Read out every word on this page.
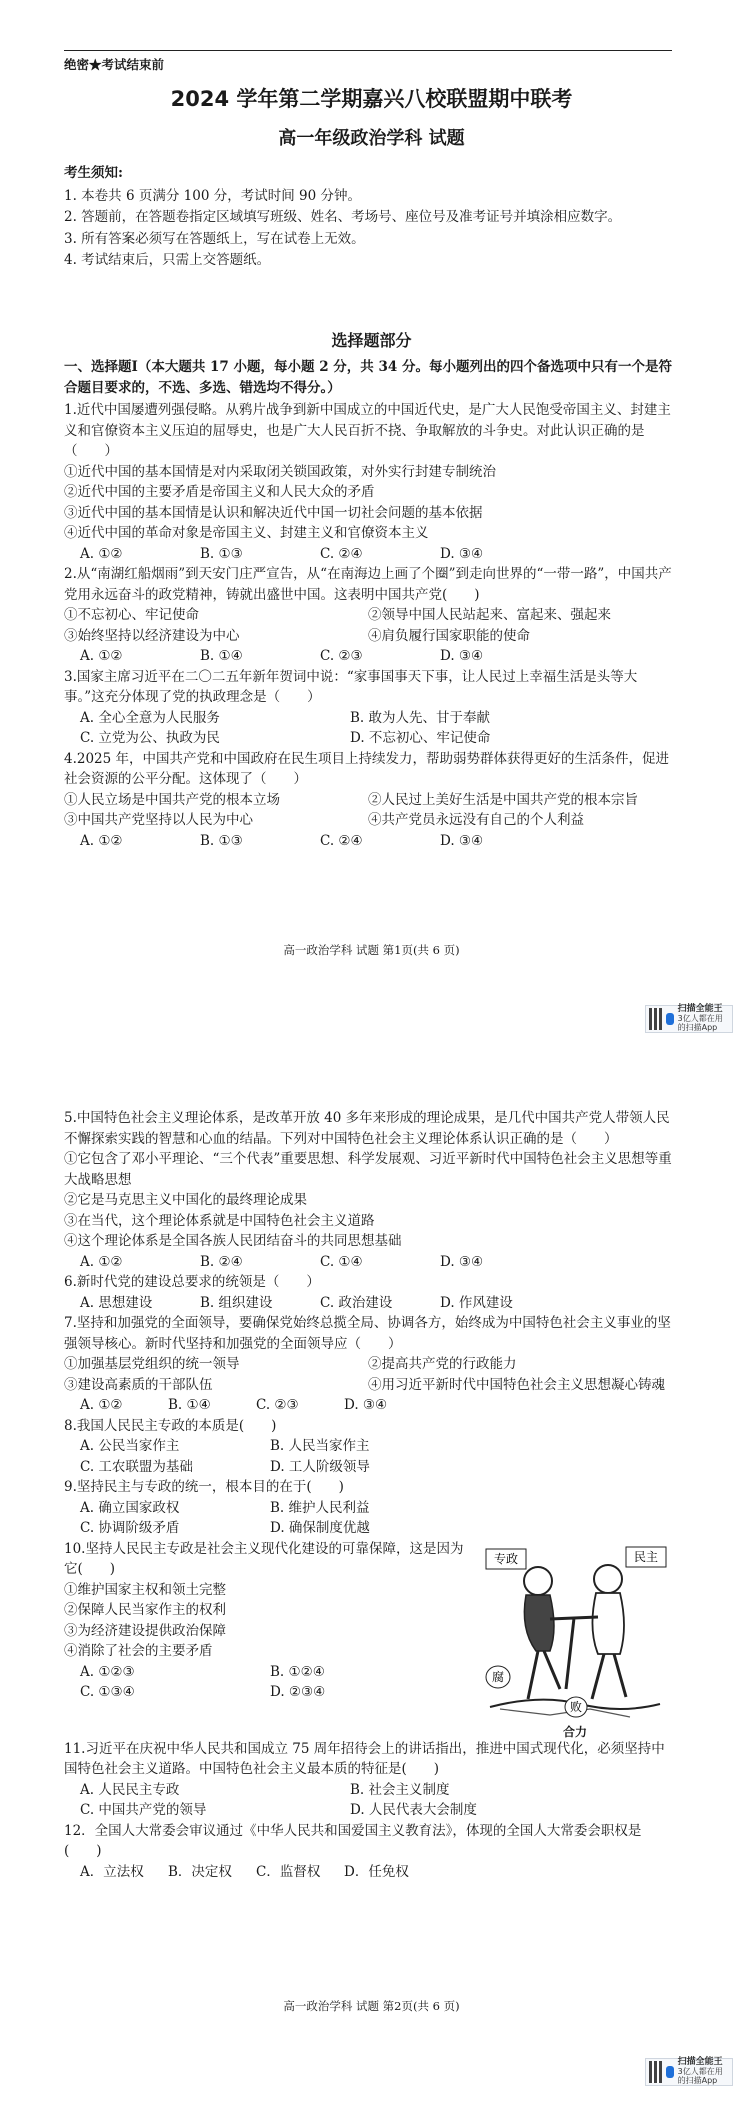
绝密★考试结束前
2024 学年第二学期嘉兴八校联盟期中联考
高一年级政治学科 试题
考生须知:
1. 本卷共 6 页满分 100 分，考试时间 90 分钟。
2. 答题前，在答题卷指定区域填写班级、姓名、考场号、座位号及准考证号并填涂相应数字。
3. 所有答案必须写在答题纸上，写在试卷上无效。
4. 考试结束后，只需上交答题纸。
选择题部分
一、选择题Ⅰ（本大题共 17 小题，每小题 2 分，共 34 分。每小题列出的四个备选项中只有一个是符合题目要求的，不选、多选、错选均不得分。）
1.近代中国屡遭列强侵略。从鸦片战争到新中国成立的中国近代史，是广大人民饱受帝国主义、封建主义和官僚资本主义压迫的屈辱史，也是广大人民百折不挠、争取解放的斗争史。对此认识正确的是（　　）
①近代中国的基本国情是对内采取闭关锁国政策，对外实行封建专制统治
②近代中国的主要矛盾是帝国主义和人民大众的矛盾
③近代中国的基本国情是认识和解决近代中国一切社会问题的基本依据
④近代中国的革命对象是帝国主义、封建主义和官僚资本主义
A. ①②	B. ①③	C. ②④	D. ③④
2.从“南湖红船烟雨”到天安门庄严宣告，从“在南海边上画了个圈”到走向世界的“一带一路”，中国共产党用永远奋斗的政党精神，铸就出盛世中国。这表明中国共产党(　　)
①不忘初心、牢记使命	②领导中国人民站起来、富起来、强起来
③始终坚持以经济建设为中心	④肩负履行国家职能的使命
A. ①②	B. ①④	C. ②③	D. ③④
3.国家主席习近平在二〇二五年新年贺词中说：“家事国事天下事，让人民过上幸福生活是头等大事。”这充分体现了党的执政理念是（　　）
A. 全心全意为人民服务	B. 敢为人先、甘于奉献
C. 立党为公、执政为民	D. 不忘初心、牢记使命
4.2025 年，中国共产党和中国政府在民生项目上持续发力，帮助弱势群体获得更好的生活条件，促进社会资源的公平分配。这体现了（　　）
①人民立场是中国共产党的根本立场	②人民过上美好生活是中国共产党的根本宗旨
③中国共产党坚持以人民为中心	④共产党员永远没有自己的个人利益
A. ①②	B. ①③	C. ②④	D. ③④
高一政治学科 试题 第1页(共 6 页)
扫描全能王
3亿人都在用的扫描App
5.中国特色社会主义理论体系，是改革开放 40 多年来形成的理论成果，是几代中国共产党人带领人民不懈探索实践的智慧和心血的结晶。下列对中国特色社会主义理论体系认识正确的是（　　）
①它包含了邓小平理论、“三个代表”重要思想、科学发展观、习近平新时代中国特色社会主义思想等重大战略思想
②它是马克思主义中国化的最终理论成果
③在当代，这个理论体系就是中国特色社会主义道路
④这个理论体系是全国各族人民团结奋斗的共同思想基础
A. ①②	B. ②④	C. ①④	D. ③④
6.新时代党的建设总要求的统领是（　　）
A. 思想建设	B. 组织建设	C. 政治建设	D. 作风建设
7.坚持和加强党的全面领导，要确保党始终总揽全局、协调各方，始终成为中国特色社会主义事业的坚强领导核心。新时代坚持和加强党的全面领导应（　　）
①加强基层党组织的统一领导	②提高共产党的行政能力
③建设高素质的干部队伍	④用习近平新时代中国特色社会主义思想凝心铸魂
A. ①②	B. ①④	C. ②③	D. ③④
8.我国人民民主专政的本质是(　　)
A. 公民当家作主	B. 人民当家作主
C. 工农联盟为基础	D. 工人阶级领导
9.坚持民主与专政的统一，根本目的在于(　　)
A. 确立国家政权	B. 维护人民利益
C. 协调阶级矛盾	D. 确保制度优越
10.坚持人民民主专政是社会主义现代化建设的可靠保障，这是因为它(　　)
①维护国家主权和领土完整
②保障人民当家作主的权利
③为经济建设提供政治保障
④消除了社会的主要矛盾
A. ①②③	B. ①②④
C. ①③④	D. ②③④
专政	民主
腐
败
合力
11.习近平在庆祝中华人民共和国成立 75 周年招待会上的讲话指出，推进中国式现代化，必须坚持中国特色社会主义道路。中国特色社会主义最本质的特征是(　　)
A. 人民民主专政	B. 社会主义制度
C. 中国共产党的领导	D. 人民代表大会制度
12．全国人大常委会审议通过《中华人民共和国爱国主义教育法》，体现的全国人大常委会职权是(　　)
A．立法权	B．决定权	C．监督权	D．任免权
高一政治学科 试题 第2页(共 6 页)
扫描全能王
3亿人都在用的扫描App
